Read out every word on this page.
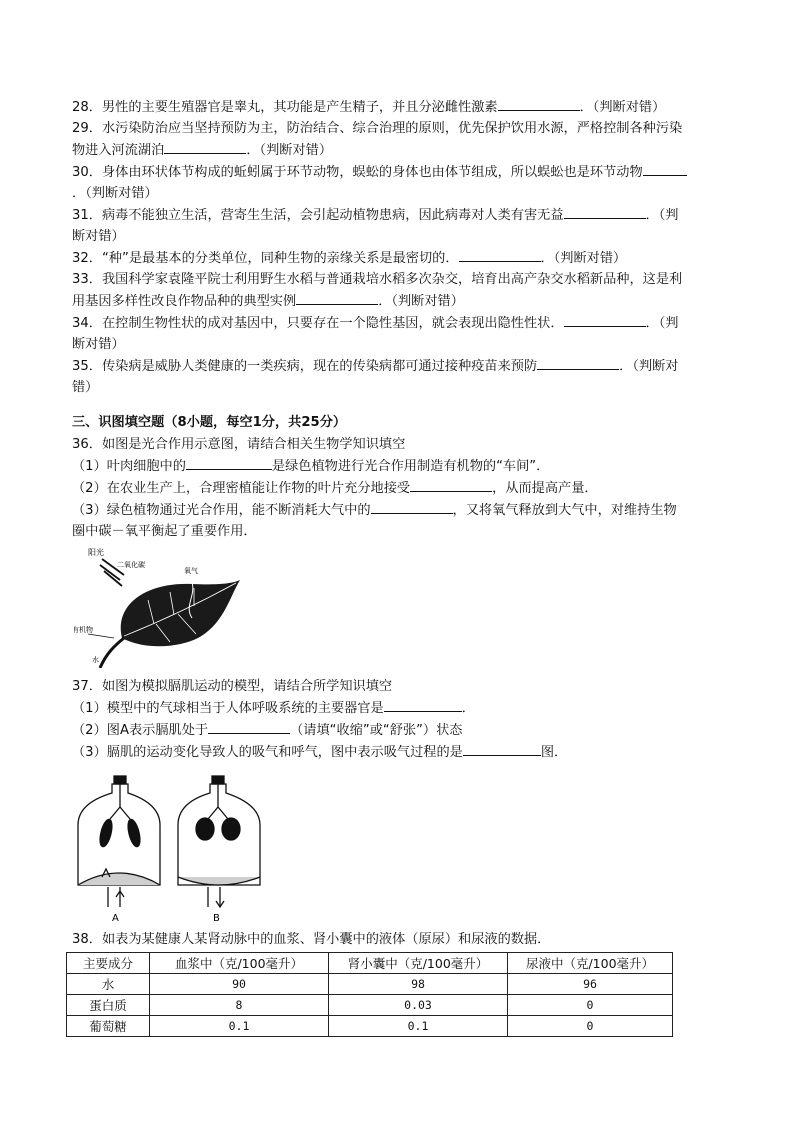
28．男性的主要生殖器官是睾丸，其功能是产生精子，并且分泌雌性激素	．（判断对错）

29．水污染防治应当坚持预防为主，防治结合、综合治理的原则，优先保护饮用水源，严格控制各种污染
物进入河流湖泊	．（判断对错）

30．身体由环状体节构成的蚯蚓属于环节动物，蜈蚣的身体也由体节组成，所以蜈蚣也是环节动物
．（判断对错）

31．病毒不能独立生活，营寄生生活，会引起动植物患病，因此病毒对人类有害无益	．（判
断对错）

32．“种”是最基本的分类单位，同种生物的亲缘关系是最密切的．	．（判断对错）

33．我国科学家袁隆平院士利用野生水稻与普通栽培水稻多次杂交，培育出高产杂交水稻新品种，这是利
用基因多样性改良作物品种的典型实例	．（判断对错）

34．在控制生物性状的成对基因中，只要存在一个隐性基因，就会表现出隐性性状．	．（判
断对错）

35．传染病是威胁人类健康的一类疾病，现在的传染病都可通过接种疫苗来预防	．（判断对
错）

三、识图填空题（8小题，每空1分，共25分）

36．如图是光合作用示意图，请结合相关生物学知识填空

（1）叶肉细胞中的	是绿色植物进行光合作用制造有机物的“车间”．

（2）在农业生产上，合理密植能让作物的叶片充分地接受	，从而提高产量．

（3）绿色植物通过光合作用，能不断消耗大气中的	，又将氧气释放到大气中，对维持生物
圈中碳－氧平衡起了重要作用．

阳光
二氧化碳
氧气
有机物
水

37．如图为模拟膈肌运动的模型，请结合所学知识填空

（1）模型中的气球相当于人体呼吸系统的主要器官是	．

（2）图A表示膈肌处于	（请填“收缩”或“舒张”）状态

（3）膈肌的运动变化导致人的吸气和呼气，图中表示吸气过程的是	图．

A	B

38．如表为某健康人某肾动脉中的血浆、肾小囊中的液体（原尿）和尿液的数据．

主要成分	血浆中（克/100毫升）	肾小囊中（克/100毫升）	尿液中（克/100毫升）
水	90	98	96
蛋白质	8	0.03	0
葡萄糖	0.1	0.1	0
